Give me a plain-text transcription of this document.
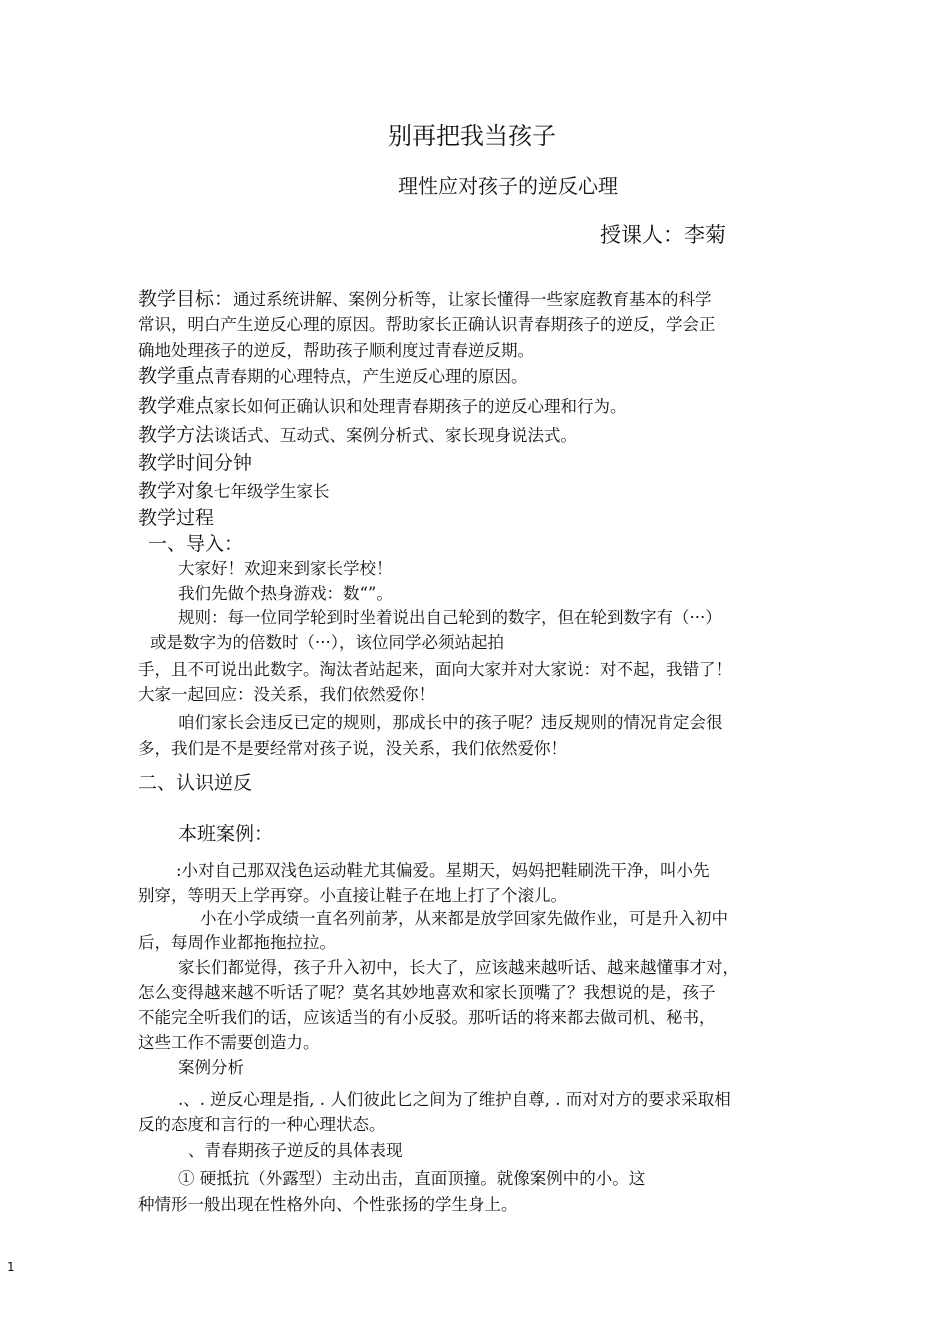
别再把我当孩子
理性应对孩子的逆反心理
授课人：李菊
教学目标：通过系统讲解、案例分析等，让家长懂得一些家庭教育基本的科学
常识，明白产生逆反心理的原因。帮助家长正确认识青春期孩子的逆反，学会正
确地处理孩子的逆反，帮助孩子顺利度过青春逆反期。
教学重点青春期的心理特点，产生逆反心理的原因。
教学难点家长如何正确认识和处理青春期孩子的逆反心理和行为。
教学方法谈话式、互动式、案例分析式、家长现身说法式。
教学时间分钟
教学对象七年级学生家长
教学过程
一、导入：
大家好！欢迎来到家长学校！
我们先做个热身游戏：数“”。
规则：每一位同学轮到时坐着说出自己轮到的数字，但在轮到数字有（···）
或是数字为的倍数时（···），该位同学必须站起拍
手，且不可说出此数字。淘汰者站起来，面向大家并对大家说：对不起，我错了！
大家一起回应：没关系，我们依然爱你！
咱们家长会违反已定的规则，那成长中的孩子呢？违反规则的情况肯定会很
多，我们是不是要经常对孩子说，没关系，我们依然爱你！
二、认识逆反
本班案例：
:小对自己那双浅色运动鞋尤其偏爱。星期天，妈妈把鞋刷洗干净，叫小先
别穿，等明天上学再穿。小直接让鞋子在地上打了个滚儿。
小在小学成绩一直名列前茅，从来都是放学回家先做作业，可是升入初中
后，每周作业都拖拖拉拉。
家长们都觉得，孩子升入初中，长大了，应该越来越听话、越来越懂事才对，
怎么变得越来越不听话了呢？莫名其妙地喜欢和家长顶嘴了？我想说的是，孩子
不能完全听我们的话，应该适当的有小反驳。那听话的将来都去做司机、秘书，
这些工作不需要创造力。
案例分析
.、. 逆反心理是指, . 人们彼此匕之间为了维护自尊, . 而对对方的要求采取相
反的态度和言行的一种心理状态。
、青春期孩子逆反的具体表现
① 硬抵抗（外露型）主动出击，直面顶撞。就像案例中的小。这
种情形一般出现在性格外向、个性张扬的学生身上。
1
